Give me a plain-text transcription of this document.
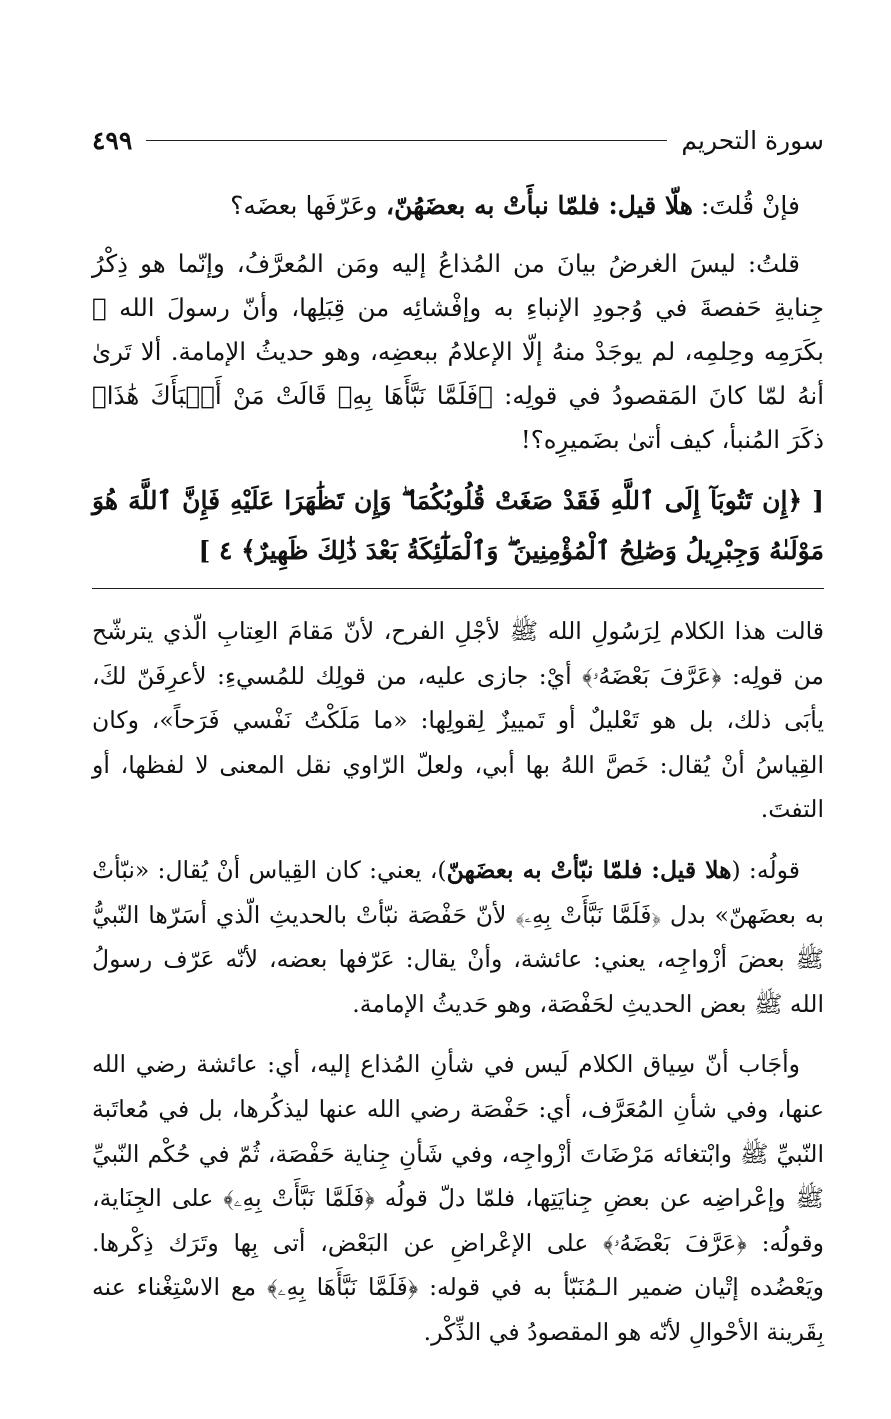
سورة التحريم
٤٩٩

فإنْ قُلتَ: هلّا قيل: فلمّا نبأَتْ به بعضَهُنّ، وعَرّفَها بعضَه؟

قلتُ: ليسَ الغرضُ بيانَ من المُذاعُ إليه ومَن المُعرَّفُ، وإنّما هو ذِكْرُ جِنايةِ حَفصةَ في وُجودِ الإنباءِ به وإفْشائِه من قِبَلِها، وأنّ رسولَ الله ﷺ بكَرَمِه وحِلمِه، لم يوجَدْ منهُ إلّا الإعلامُ ببعضِه، وهو حديثُ الإمامة. ألا تَرىٰ أنهُ لمّا كانَ المَقصودُ في قولِه: ﴿فَلَمَّا نَبَّأَهَا بِهِۦ قَالَتْ مَنْ أَنۢبَأَكَ هَٰذَا﴾ ذكَرَ المُنبأ، كيف أتىٰ بضَميرِه؟!

[ ﴿إِن تَتُوبَآ إِلَى ٱللَّهِ فَقَدْ صَغَتْ قُلُوبُكُمَا ۖ وَإِن تَظَٰهَرَا عَلَيْهِ فَإِنَّ ٱللَّهَ هُوَ مَوْلَىٰهُ وَجِبْرِيلُ وَصَٰلِحُ ٱلْمُؤْمِنِينَ ۖ وَٱلْمَلَٰٓئِكَةُ بَعْدَ ذَٰلِكَ ظَهِيرٌ﴾ ٤ ]

قالت هذا الكلام لِرَسُولِ الله ﷺ لأجْلِ الفرح، لأنّ مَقامَ العِتابِ الّذي يترشّح من قولِه: ﴿عَرَّفَ بَعْضَهُۥ﴾ أيْ: جازى عليه، من قولِك للمُسيءِ: لأعرِفَنّ لكَ، يأبَى ذلك، بل هو تَعْليلٌ أو تَمييزٌ لِقولِها: «ما مَلَكْتُ نَفْسي فَرَحاً»، وكان القِياسُ أنْ يُقال: خَصَّ اللهُ بها أبي، ولعلّ الرّاوي نقل المعنى لا لفظها، أو التفتَ.

قولُه: (هلا قيل: فلمّا نبّأتْ به بعضَهنّ)، يعني: كان القِياس أنْ يُقال: «نبّأتْ به بعضَهنّ» بدل ﴿فَلَمَّا نَبَّأَتْ بِهِۦ﴾ لأنّ حَفْصَة نبّأتْ بالحديثِ الّذي أسَرّها النّبيُّ ﷺ بعضَ أزْواجِه، يعني: عائشة، وأنْ يقال: عَرّفها بعضه، لأنّه عَرّف رسولُ الله ﷺ بعض الحديثِ لحَفْصَة، وهو حَديثُ الإمامة.

وأجَاب أنّ سِياق الكلام لَيس في شأنِ المُذاع إليه، أي: عائشة رضي الله عنها، وفي شأنِ المُعَرَّف، أي: حَفْصَة رضي الله عنها ليذكُرها، بل في مُعاتَبة النّبيِّ ﷺ وابْتغائه مَرْضَاتَ أزْواجِه، وفي شَأنِ جِناية حَفْصَة، ثُمّ في حُكْم النّبيِّ ﷺ وإعْراضِه عن بعضِ جِنايَتِها، فلمّا دلّ قولُه ﴿فَلَمَّا نَبَّأَتْ بِهِۦ﴾ على الجِنَاية، وقولُه: ﴿عَرَّفَ بَعْضَهُۥ﴾ على الإعْراضِ عن البَعْض، أتى بِها وتَرَك ذِكْرها. ويَعْضُده إتْيان ضمير الـمُنَبّأ به في قوله: ﴿فَلَمَّا نَبَّأَهَا بِهِۦ﴾ مع الاسْتِغْناء عنه بِقَرينة الأحْوالِ لأنّه هو المقصودُ في الذِّكْر.
